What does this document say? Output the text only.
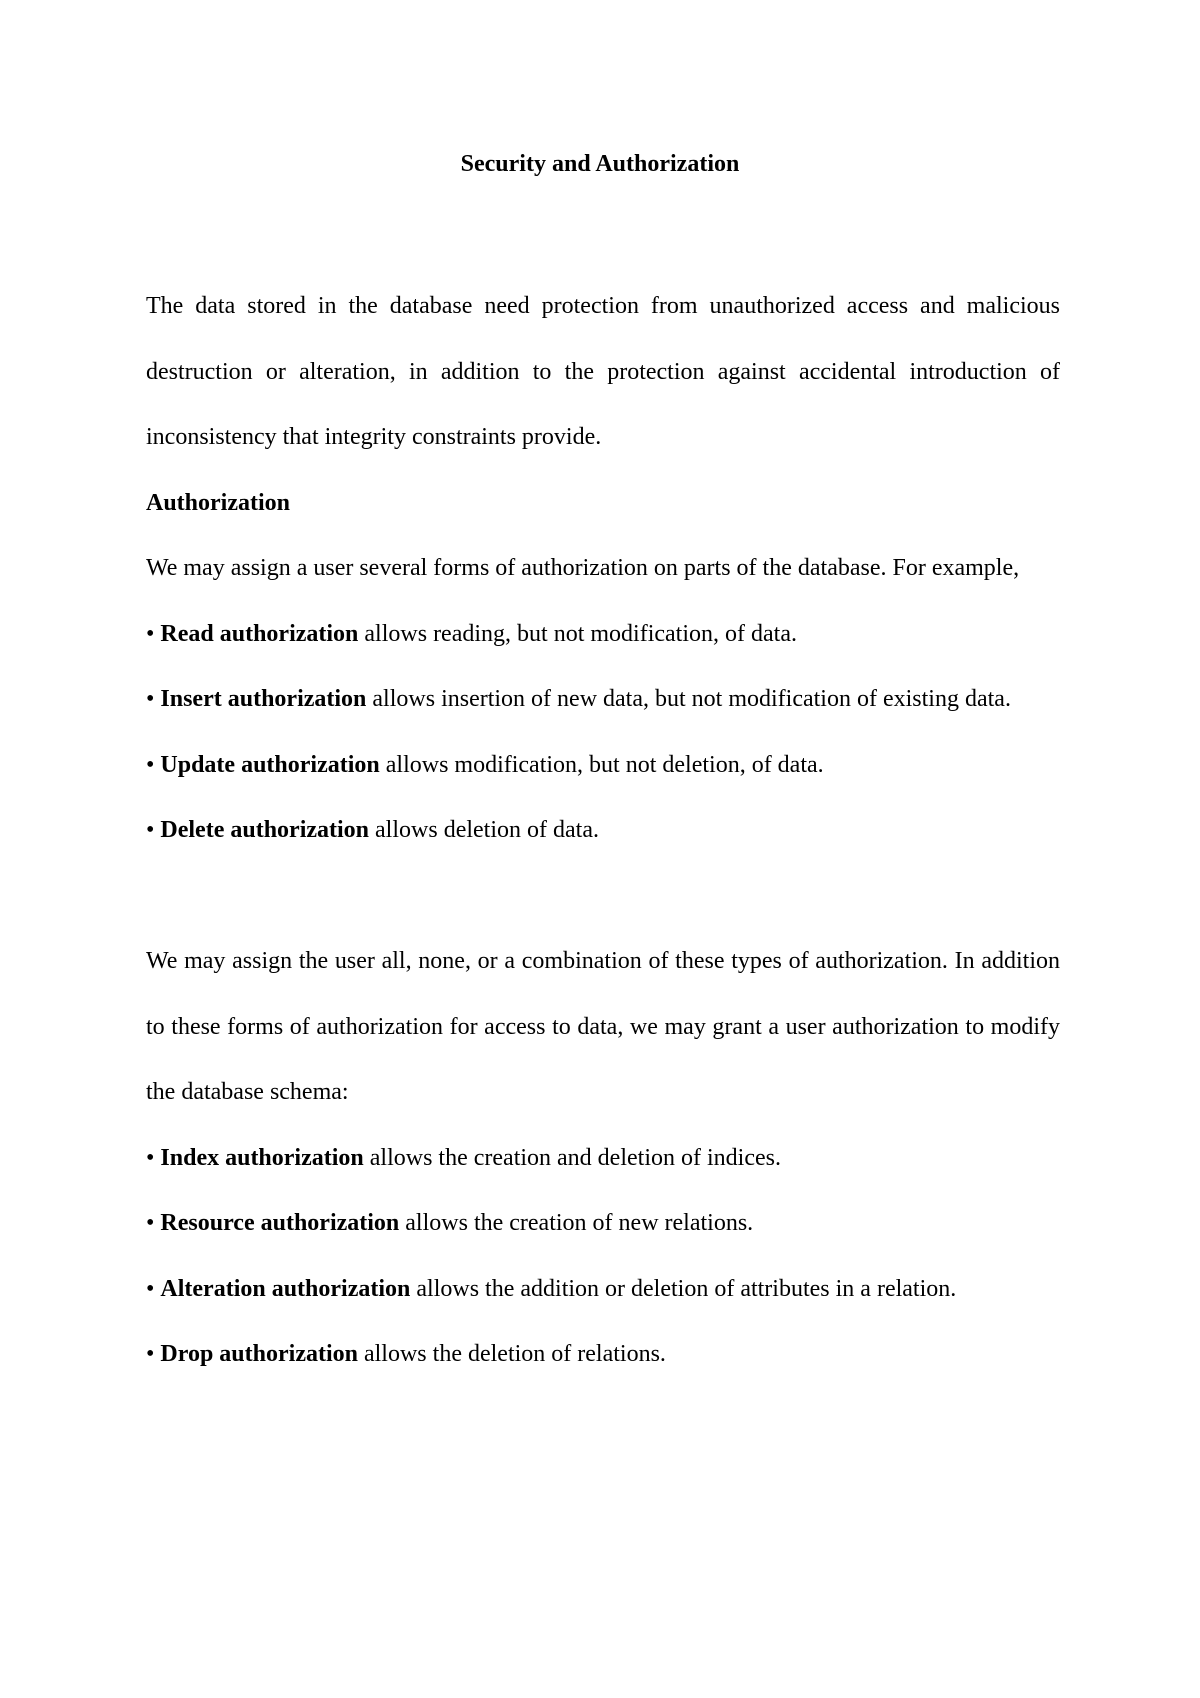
Security and Authorization

The data stored in the database need protection from unauthorized access and malicious destruction or alteration, in addition to the protection against accidental introduction of inconsistency that integrity constraints provide.

Authorization

We may assign a user several forms of authorization on parts of the database. For example,

• Read authorization allows reading, but not modification, of data.

• Insert authorization allows insertion of new data, but not modification of existing data.

• Update authorization allows modification, but not deletion, of data.

• Delete authorization allows deletion of data.

We may assign the user all, none, or a combination of these types of authorization. In addition to these forms of authorization for access to data, we may grant a user authorization to modify the database schema:

• Index authorization allows the creation and deletion of indices.

• Resource authorization allows the creation of new relations.

• Alteration authorization allows the addition or deletion of attributes in a relation.

• Drop authorization allows the deletion of relations.
